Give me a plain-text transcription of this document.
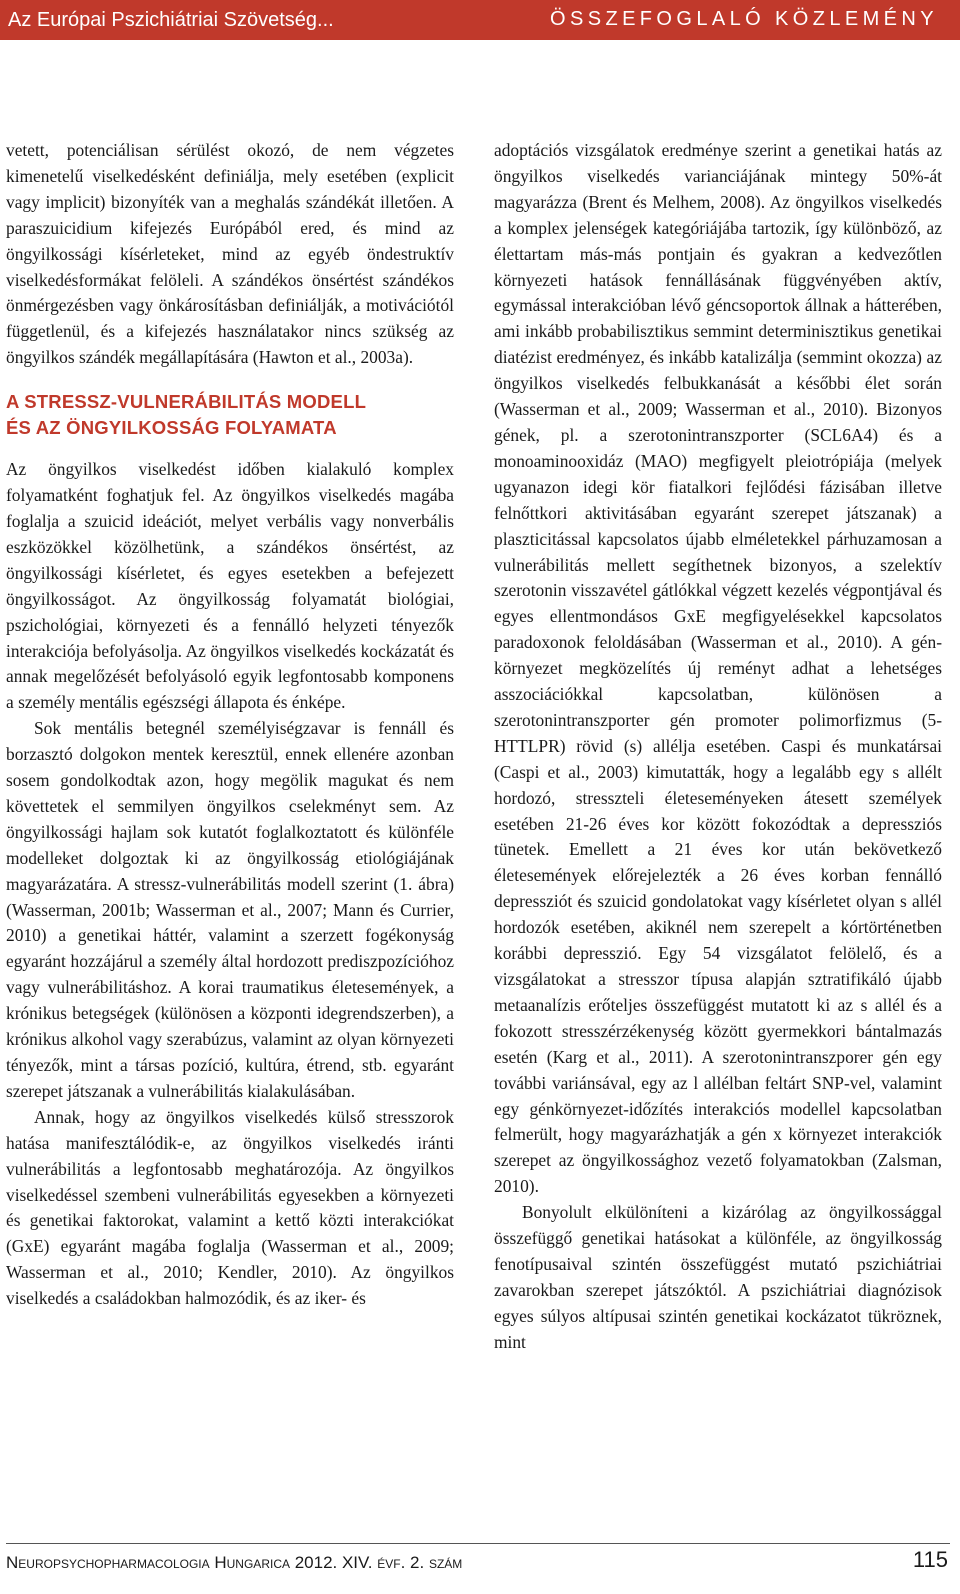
Az Európai Pszichiátriai Szövetség...	ÖSSZEFOGLALÓ KÖZLEMÉNY

vetett, potenciálisan sérülést okozó, de nem végzetes kimenetelű viselkedésként definiálja, mely esetében (explicit vagy implicit) bizonyíték van a meghalás szándékát illetően. A paraszuicidium kifejezés Európából ered, és mind az öngyilkossági kísérleteket, mind az egyéb öndestruktív viselkedésformákat felöleli. A szándékos önsértést szándékos önmérgezésben vagy önkárosításban definiálják, a motivációtól függetlenül, és a kifejezés használatakor nincs szükség az öngyilkos szándék megállapítására (Hawton et al., 2003a).

A STRESSZ-VULNERÁBILITÁS MODELL
ÉS AZ ÖNGYILKOSSÁG FOLYAMATA

Az öngyilkos viselkedést időben kialakuló komplex folyamatként foghatjuk fel. Az öngyilkos viselkedés magába foglalja a szuicid ideációt, melyet verbális vagy nonverbális eszközökkel közölhetünk, a szándékos önsértést, az öngyilkossági kísérletet, és egyes esetekben a befejezett öngyilkosságot. Az öngyilkosság folyamatát biológiai, pszichológiai, környezeti és a fennálló helyzeti tényezők interakciója befolyásolja. Az öngyilkos viselkedés kockázatát és annak megelőzését befolyásoló egyik legfontosabb komponens a személy mentális egészségi állapota és énképe.

Sok mentális betegnél személyiségzavar is fennáll és borzasztó dolgokon mentek keresztül, ennek ellenére azonban sosem gondolkodtak azon, hogy megölik magukat és nem követtetek el semmilyen öngyilkos cselekményt sem. Az öngyilkossági hajlam sok kutatót foglalkoztatott és különféle modelleket dolgoztak ki az öngyilkosság etiológiájának magyarázatára. A stressz-vulnerábilitás modell szerint (1. ábra) (Wasserman, 2001b; Wasserman et al., 2007; Mann és Currier, 2010) a genetikai háttér, valamint a szerzett fogékonyság egyaránt hozzájárul a személy által hordozott prediszpozícióhoz vagy vulnerábilitáshoz. A korai traumatikus életesemények, a krónikus betegségek (különösen a központi idegrendszerben), a krónikus alkohol vagy szerabúzus, valamint az olyan környezeti tényezők, mint a társas pozíció, kultúra, étrend, stb. egyaránt szerepet játszanak a vulnerábilitás kialakulásában.

Annak, hogy az öngyilkos viselkedés külső stresszorok hatása manifesztálódik-e, az öngyilkos viselkedés iránti vulnerábilitás a legfontosabb meghatározója. Az öngyilkos viselkedéssel szembeni vulnerábilitás egyesekben a környezeti és genetikai faktorokat, valamint a kettő közti interakciókat (GxE) egyaránt magába foglalja (Wasserman et al., 2009; Wasserman et al., 2010; Kendler, 2010). Az öngyilkos viselkedés a családokban halmozódik, és az iker- és

adoptációs vizsgálatok eredménye szerint a genetikai hatás az öngyilkos viselkedés varianciájának mintegy 50%-át magyarázza (Brent és Melhem, 2008). Az öngyilkos viselkedés a komplex jelenségek kategóriájába tartozik, így különböző, az élettartam más-más pontjain és gyakran a kedvezőtlen környezeti hatások fennállásának függvényében aktív, egymással interakcióban lévő géncsoportok állnak a hátterében, ami inkább probabilisztikus semmint determinisztikus genetikai diatézist eredményez, és inkább katalizálja (semmint okozza) az öngyilkos viselkedés felbukkanását a későbbi élet során (Wasserman et al., 2009; Wasserman et al., 2010). Bizonyos gének, pl. a szerotonintranszporter (SCL6A4) és a monoaminooxidáz (MAO) megfigyelt pleiotrópiája (melyek ugyanazon idegi kör fiatalkori fejlődési fázisában illetve felnőttkori aktivitásában egyaránt szerepet játszanak) a plaszticitással kapcsolatos újabb elméletekkel párhuzamosan a vulnerábilitás mellett segíthetnek bizonyos, a szelektív szerotonin visszavétel gátlókkal végzett kezelés végpontjával és egyes ellentmondásos GxE megfigyelésekkel kapcsolatos paradoxonok feloldásában (Wasserman et al., 2010). A gén-környezet megközelítés új reményt adhat a lehetséges asszociációkkal kapcsolatban, különösen a szerotonintranszporter gén promoter polimorfizmus (5-HTTLPR) rövid (s) allélja esetében. Caspi és munkatársai (Caspi et al., 2003) kimutatták, hogy a legalább egy s allélt hordozó, stresszteli életeseményeken átesett személyek esetében 21-26 éves kor között fokozódtak a depressziós tünetek. Emellett a 21 éves kor után bekövetkező életesemények előrejelezték a 26 éves korban fennálló depressziót és szuicid gondolatokat vagy kísérletet olyan s allél hordozók esetében, akiknél nem szerepelt a kórtörténetben korábbi depresszió. Egy 54 vizsgálatot felölelő, és a vizsgálatokat a stresszor típusa alapján sztratifikáló újabb metaanalízis erőteljes összefüggést mutatott ki az s allél és a fokozott stresszérzékenység között gyermekkori bántalmazás esetén (Karg et al., 2011). A szerotonintranszporer gén egy további variánsával, egy az l allélban feltárt SNP-vel, valamint egy génkörnyezet-időzítés interakciós modellel kapcsolatban felmerült, hogy magyarázhatják a gén x környezet interakciók szerepet az öngyilkossághoz vezető folyamatokban (Zalsman, 2010).

Bonyolult elkülöníteni a kizárólag az öngyilkossággal összefüggő genetikai hatásokat a különféle, az öngyilkosság fenotípusaival szintén összefüggést mutató pszichiátriai zavarokban szerepet játszóktól. A pszichiátriai diagnózisok egyes súlyos altípusai szintén genetikai kockázatot tükröznek, mint

Neuropsychopharmacologia Hungarica 2012. XIV. évf. 2. szám	115
